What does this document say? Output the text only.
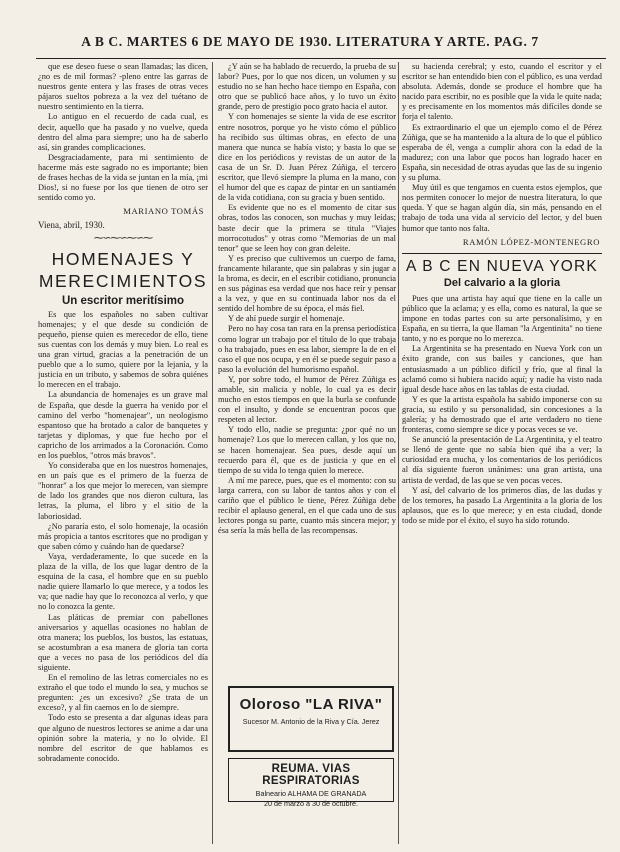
A B C. MARTES 6 DE MAYO DE 1930. LITERATURA Y ARTE. PAG. 7

que ese deseo fuese o sean llamadas; las dicen, ¿no es de mil formas? -pleno entre las garras de nuestros gente entera y las frases de otras veces pájaros sueltos pobreza a la vez del tuétano de nuestro sentimiento en la tierra.

Lo antiguo en el recuerdo de cada cual, es decir, aquello que ha pasado y no vuelve, queda dentro del alma para siempre; uno ha de saberlo así, sin grandes complicaciones.

Desgraciadamente, para mi sentimiento de hacerme más este sagrado no es importante; bien de frases hechas de la vida se juntan en la mía, ¡mi Dios!, si no fuese por los que tienen de otro ser sentido como yo.

MARIANO TOMÁS
Viena, abril, 1930.
⁓∽⁓∽⁓∽⁓
HOMENAJES Y MERECIMIENTOS
Un escritor meritísimo

Es que los españoles no saben cultivar homenajes; y el que desde su condición de pequeño, piense quien es merecedor de ello, tiene sus cuentas con los demás y muy bien. Lo real es una gran virtud, gracias a la penetración de un pueblo que a lo sumo, quiere por la lejanía, y la justicia en un tributo, y sabemos de sobra quiénes lo merecen en el trabajo.

La abundancia de homenajes es un grave mal de España, que desde la guerra ha venido por el camino del verbo "homenajear", un neologismo espantoso que ha brotado a calor de banquetes y tarjetas y diplomas, y que fue hecho por el capricho de los arrimados a la Coronación. Como en los pueblos, "otros más bravos".

Yo consideraba que en los nuestros homenajes, en un país que es el primero de la fuerza de "honrar" a los que mejor lo merecen, van siempre de lado los grandes que nos dieron cultura, las letras, la pluma, el libro y el sitio de la laboriosidad.

¿No pararía esto, el solo homenaje, la ocasión más propicia a tantos escritores que no prodigan y que saben cómo y cuándo han de quedarse?

Vaya, verdaderamente, lo que sucede en la plaza de la villa, de los que lugar dentro de la esquina de la casa, el hombre que en su pueblo nadie quiere llamarlo lo que merece, y a todos les va; que nadie hay que lo reconozca al verlo, y que no lo conozca la gente.

Las pláticas de premiar con pabellones aniversarios y aquellas ocasiones no hablan de otra manera; los pueblos, los bustos, las estatuas, se acostumbran a esa manera de gloria tan corta que a veces no pasa de los periódicos del día siguiente.

En el remolino de las letras comerciales no es extraño el que todo el mundo lo sea, y muchos se pregunten: ¿es un excesivo? ¿Se trata de un exceso?, y al fin caemos en lo de siempre.

Todo esto se presenta a dar algunas ideas para que alguno de nuestros lectores se anime a dar una opinión sobre la materia, y no lo olvide. El nombre del escritor de que hablamos es sobradamente conocido.

¿Y aún se ha hablado de recuerdo, la prueba de su labor? Pues, por lo que nos dicen, un volumen y su estudio no se han hecho hace tiempo en España, con otro que se publicó hace años, y lo tuvo un éxito grande, pero de prestigio poco grato hacia el autor.

Y con homenajes se siente la vida de ese escritor entre nosotros, porque yo he visto cómo el público ha recibido sus últimas obras, en efecto de una manera que nunca se había visto; y basta lo que se dice en los periódicos y revistas de un autor de la casa de un Sr. D. Juan Pérez Zúñiga, el tercero escritor, que llevó siempre la pluma en la mano, con el humor del que es capaz de pintar en un santiamén de la vida cotidiana, con su gracia y buen sentido.

Es evidente que no es el momento de citar sus obras, todos las conocen, son muchas y muy leídas; baste decir que la primera se titula "Viajes morrocotudos" y otras como "Memorias de un mal tenor" que se leen hoy con gran deleite.

Y es preciso que cultivemos un cuerpo de fama, francamente hilarante, que sin palabras y sin jugar a la broma, es decir, en el escribir cotidiano, pronuncia en sus páginas esa verdad que nos hace reír y pensar a la vez, y que en su continuada labor nos da el sentido del hombre de su época, el más fiel.

Y de ahí puede surgir el homenaje.

Pero no hay cosa tan rara en la prensa periodística como lograr un trabajo por el título de lo que trabaja o ha trabajado, pues en esa labor, siempre la de en el caso el que nos ocupa, y en él se puede seguir paso a paso la evolución del humorismo español.

Y, por sobre todo, el humor de Pérez Zúñiga es amable, sin malicia y noble, lo cual ya es decir mucho en estos tiempos en que la burla se confunde con el insulto, y donde se encuentran pocos que respeten al lector.

Y todo ello, nadie se pregunta: ¿por qué no un homenaje? Los que lo merecen callan, y los que no, se hacen homenajear. Sea pues, desde aquí un recuerdo para él, que es de justicia y que en el tiempo de su vida lo tenga quien lo merece.

A mí me parece, pues, que es el momento: con su larga carrera, con su labor de tantos años y con el cariño que el público le tiene, Pérez Zúñiga debe recibir el aplauso general, en el que cada uno de sus lectores ponga su parte, cuanto más sincera mejor; y ésa sería la más bella de las recompensas.

Oloroso "LA RIVA"
Sucesor M. Antonio de la Riva y Cía. Jerez
REUMA. VIAS RESPIRATORIAS
Balneario ALHAMA DE GRANADA
20 de marzo a 30 de octubre.

su hacienda cerebral; y esto, cuando el escritor y el escritor se han entendido bien con el público, es una verdad absoluta. Además, donde se produce el hombre que ha nacido para escribir, no es posible que la vida le quite nada; y es precisamente en los momentos más difíciles donde se forja el talento.

Es extraordinario el que un ejemplo como el de Pérez Zúñiga, que se ha mantenido a la altura de lo que el público esperaba de él, venga a cumplir ahora con la edad de la madurez; con una labor que pocos han logrado hacer en España, sin necesidad de otras ayudas que las de su ingenio y su pluma.

Muy útil es que tengamos en cuenta estos ejemplos, que nos permiten conocer lo mejor de nuestra literatura, lo que queda. Y que se hagan algún día, sin más, pensando en el trabajo de toda una vida al servicio del lector, y del buen humor que tanto nos falta.

RAMÓN LÓPEZ-MONTENEGRO
A B C EN NUEVA YORK
Del calvario a la gloria

Pues que una artista hay aquí que tiene en la calle un público que la aclama; y es ella, como es natural, la que se impone en todas partes con su arte personalísimo, y en España, en su tierra, la que llaman "la Argentinita" no tiene tanto, y no es porque no lo merezca.

La Argentinita se ha presentado en Nueva York con un éxito grande, con sus bailes y canciones, que han entusiasmado a un público difícil y frío, que al final la aclamó como si hubiera nacido aquí; y nadie ha visto nada igual desde hace años en las tablas de esta ciudad.

Y es que la artista española ha sabido imponerse con su gracia, su estilo y su personalidad, sin concesiones a la galería; y ha demostrado que el arte verdadero no tiene fronteras, como siempre se dice y pocas veces se ve.

Se anunció la presentación de La Argentinita, y el teatro se llenó de gente que no sabía bien qué iba a ver; la curiosidad era mucha, y los comentarios de los periódicos al día siguiente fueron unánimes: una gran artista, una artista de verdad, de las que se ven pocas veces.

Y así, del calvario de los primeros días, de las dudas y de los temores, ha pasado La Argentinita a la gloria de los aplausos, que es lo que merece; y en esta ciudad, donde todo se mide por el éxito, el suyo ha sido rotundo.
